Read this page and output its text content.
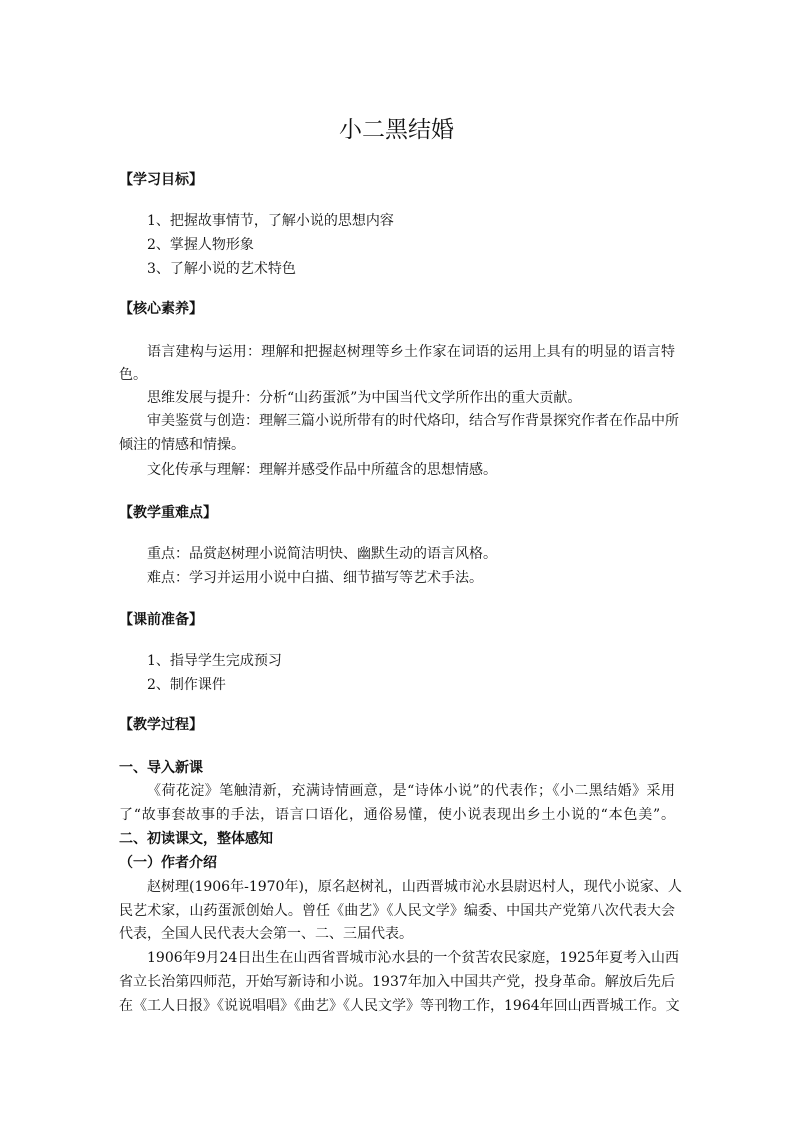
小二黑结婚

【学习目标】

1、把握故事情节，了解小说的思想内容

2、掌握人物形象

3、了解小说的艺术特色

【核心素养】

语言建构与运用：理解和把握赵树理等乡土作家在词语的运用上具有的明显的语言特

色。

思维发展与提升：分析“山药蛋派”为中国当代文学所作出的重大贡献。

审美鉴赏与创造：理解三篇小说所带有的时代烙印，结合写作背景探究作者在作品中所

倾注的情感和情操。

文化传承与理解：理解并感受作品中所蕴含的思想情感。

【教学重难点】

重点：品赏赵树理小说简洁明快、幽默生动的语言风格。

难点：学习并运用小说中白描、细节描写等艺术手法。

【课前准备】

1、指导学生完成预习

2、制作课件

【教学过程】

一、导入新课

《荷花淀》笔触清新，充满诗情画意，是“诗体小说”的代表作；《小二黑结婚》采用

了“故事套故事的手法，语言口语化，通俗易懂，使小说表现出乡土小说的“本色美”。

二、初读课文，整体感知

（一）作者介绍

赵树理(1906年-1970年)，原名赵树礼，山西晋城市沁水县尉迟村人，现代小说家、人

民艺术家，山药蛋派创始人。曾任《曲艺》《人民文学》编委、中国共产党第八次代表大会

代表，全国人民代表大会第一、二、三届代表。

1906年9月24日出生在山西省晋城市沁水县的一个贫苦农民家庭，1925年夏考入山西

省立长治第四师范，开始写新诗和小说。1937年加入中国共产党，投身革命。解放后先后

在《工人日报》《说说唱唱》《曲艺》《人民文学》等刊物工作，1964年回山西晋城工作。文
